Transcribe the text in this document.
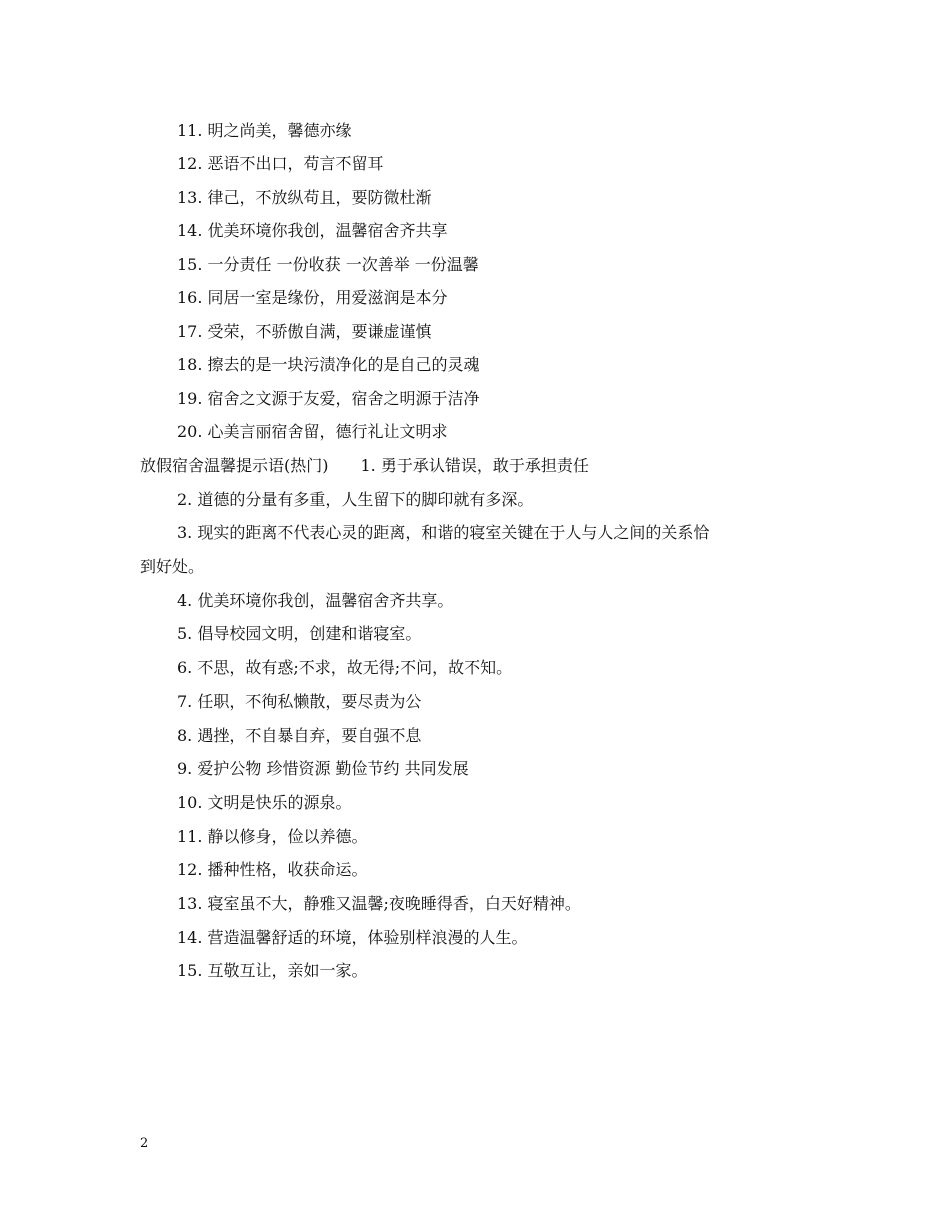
11. 明之尚美，馨德亦缘
12. 恶语不出口，苟言不留耳
13. 律己，不放纵苟且，要防微杜渐
14. 优美环境你我创，温馨宿舍齐共享
15. 一分责任 一份收获 一次善举 一份温馨
16. 同居一室是缘份，用爱滋润是本分
17. 受荣，不骄傲自满，要谦虚谨慎
18. 擦去的是一块污渍净化的是自己的灵魂
19. 宿舍之文源于友爱，宿舍之明源于洁净
20. 心美言丽宿舍留，德行礼让文明求
放假宿舍温馨提示语(热门)　　1. 勇于承认错误，敢于承担责任
2. 道德的分量有多重，人生留下的脚印就有多深。
3. 现实的距离不代表心灵的距离，和谐的寝室关键在于人与人之间的关系恰
到好处。
4. 优美环境你我创，温馨宿舍齐共享。
5. 倡导校园文明，创建和谐寝室。
6. 不思，故有惑;不求，故无得;不问，故不知。
7. 任职，不徇私懒散，要尽责为公
8. 遇挫，不自暴自弃，要自强不息
9. 爱护公物 珍惜资源 勤俭节约 共同发展
10. 文明是快乐的源泉。
11. 静以修身，俭以养德。
12. 播种性格，收获命运。
13. 寝室虽不大，静雅又温馨;夜晚睡得香，白天好精神。
14. 营造温馨舒适的环境，体验别样浪漫的人生。
15. 互敬互让，亲如一家。
2
